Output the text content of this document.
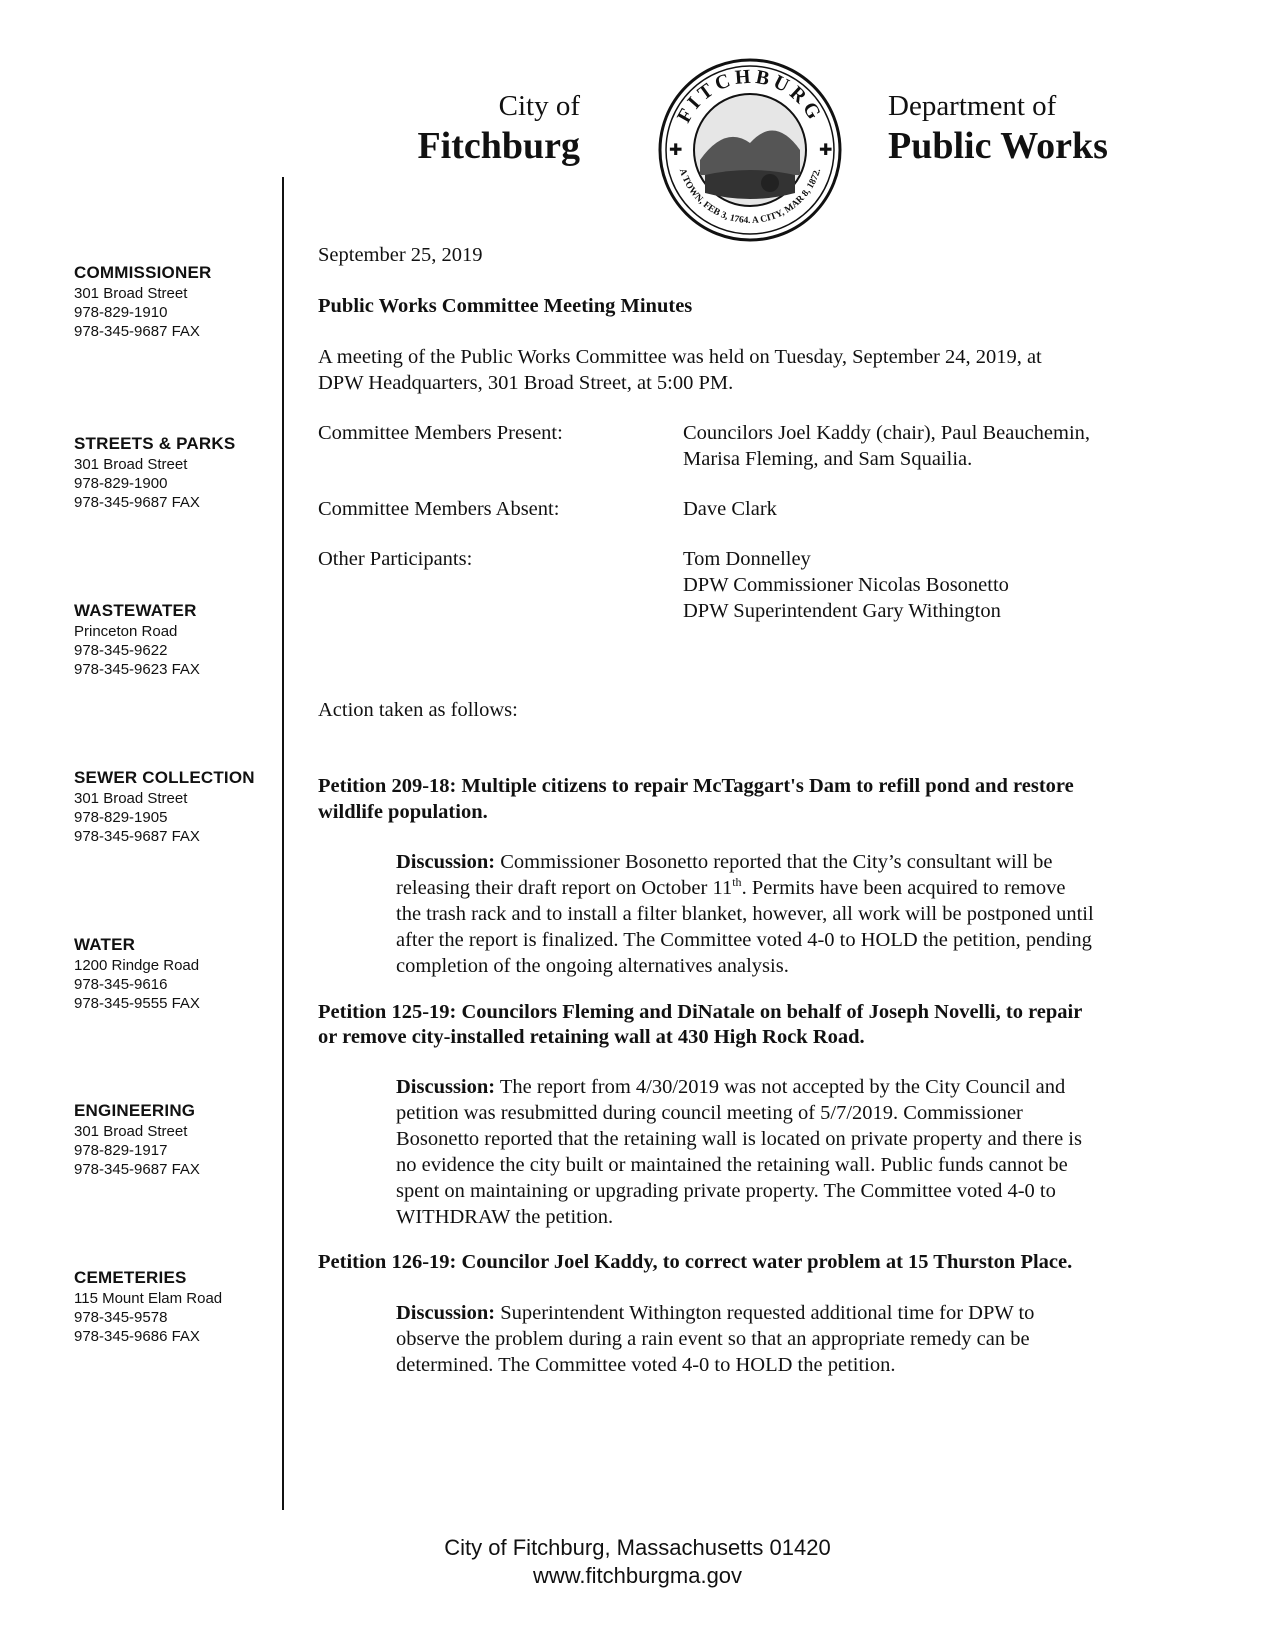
City of
Fitchburg
FITCHBURG
A TOWN, FEB 3, 1764. A CITY, MAR 8, 1872.
✚	✚
Department of
Public Works
COMMISSIONER
301 Broad Street
978-829-1910
978-345-9687 FAX
STREETS & PARKS
301 Broad Street
978-829-1900
978-345-9687 FAX
WASTEWATER
Princeton Road
978-345-9622
978-345-9623 FAX
SEWER COLLECTION
301 Broad Street
978-829-1905
978-345-9687 FAX
WATER
1200 Rindge Road
978-345-9616
978-345-9555 FAX
ENGINEERING
301 Broad Street
978-829-1917
978-345-9687 FAX
CEMETERIES
115 Mount Elam Road
978-345-9578
978-345-9686 FAX
September 25, 2019
Public Works Committee Meeting Minutes
A meeting of the Public Works Committee was held on Tuesday, September 24, 2019, at
DPW Headquarters, 301 Broad Street, at 5:00 PM.
Committee Members Present:	Councilors Joel Kaddy (chair), Paul Beauchemin,
Marisa Fleming, and Sam Squailia.
Committee Members Absent:	Dave Clark
Other Participants:	Tom Donnelley
DPW Commissioner Nicolas Bosonetto
DPW Superintendent Gary Withington
Action taken as follows:
Petition 209-18: Multiple citizens to repair McTaggart's Dam to refill pond and restore
wildlife population.
Discussion: Commissioner Bosonetto reported that the City’s consultant will be
releasing their draft report on October 11th. Permits have been acquired to remove
the trash rack and to install a filter blanket, however, all work will be postponed until
after the report is finalized. The Committee voted 4-0 to HOLD the petition, pending
completion of the ongoing alternatives analysis.
Petition 125-19: Councilors Fleming and DiNatale on behalf of Joseph Novelli, to repair
or remove city-installed retaining wall at 430 High Rock Road.
Discussion: The report from 4/30/2019 was not accepted by the City Council and
petition was resubmitted during council meeting of 5/7/2019. Commissioner
Bosonetto reported that the retaining wall is located on private property and there is
no evidence the city built or maintained the retaining wall. Public funds cannot be
spent on maintaining or upgrading private property. The Committee voted 4-0 to
WITHDRAW the petition.
Petition 126-19: Councilor Joel Kaddy, to correct water problem at 15 Thurston Place.
Discussion: Superintendent Withington requested additional time for DPW to
observe the problem during a rain event so that an appropriate remedy can be
determined. The Committee voted 4-0 to HOLD the petition.
City of Fitchburg, Massachusetts 01420
www.fitchburgma.gov
